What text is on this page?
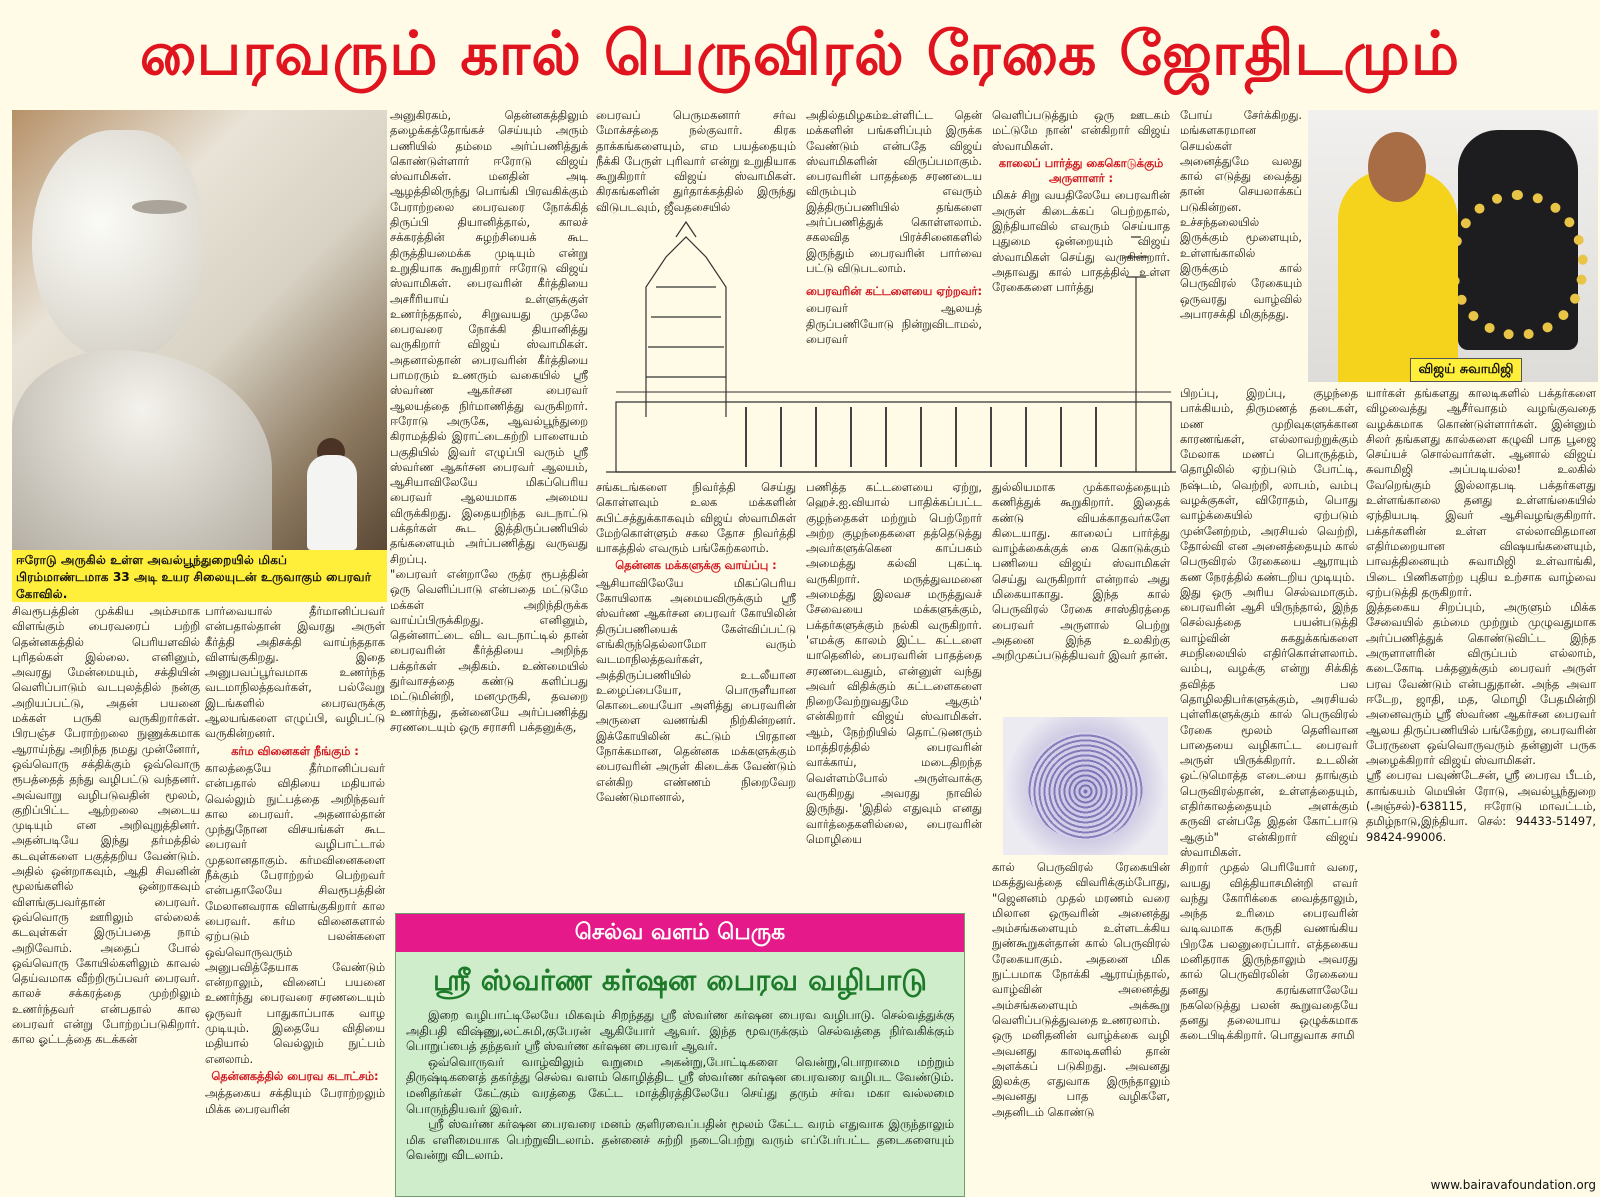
பைரவரும் கால் பெருவிரல் ரேகை ஜோதிடமும்
ஈரோடு அருகில் உள்ள அவல்பூந்துறையில் மிகப் பிரம்மாண்டமாக 33 அடி உயர சிலையுடன் உருவாகும் பைரவர் கோவில்.

சிவரூபத்தின் முக்கிய அம்சமாக விளங்கும் பைரவரைப் பற்றி தென்னகத்தில் பெரியளவில் புரிதல்கள் இல்லை. எனினும், அவரது மேன்மையும், சக்தியின் வெளிப்பாடும் வடபுலத்தில் நன்கு அறியப்பட்டு, அதன் பயனை மக்கள் பருகி வருகிறார்கள். பிரபஞ்ச பேராற்றலை நுணுக்கமாக ஆராய்ந்து அறிந்த நமது முன்னோர், ஒவ்வொரு சக்திக்கும் ஒவ்வொரு ரூபத்தைத் தந்து வழிபட்டு வந்தனர். அவ்வாறு வழிபடுவதின் மூலம், குறிப்பிட்ட ஆற்றலை அடைய முடியும் என அறிவுறுத்தினர். அதன்படியே இந்து தர்மத்தில் கடவுள்களை பகுத்தறிய வேண்டும். அதில் ஒன்றாகவும், ஆதி சிவனின் மூலங்களில் ஒன்றாகவும் விளங்குபவர்தான் பைரவர். ஒவ்வொரு ஊரிலும் எல்லைக் கடவுள்கள் இருப்பதை நாம் அறிவோம். அதைப் போல் ஒவ்வொரு கோயில்களிலும் காவல் தெய்வமாக வீற்றிருப்பவர் பைரவர். காலச் சக்கரத்தை முற்றிலும் உணர்ந்தவர் என்பதால் கால பைரவர் என்று போற்றப்படுகிறார். கால ஓட்டத்தை கடக்கன்

பார்வையால் தீர்மானிப்பவர் என்பதால்தான் இவரது அருள் கீர்த்தி அதிசக்தி வாய்ந்ததாக விளங்குகிறது. இதை அனுபவப்பூர்வமாக உணர்ந்த வடமாநிலத்தவர்கள், பல்வேறு இடங்களில் பைரவருக்கு ஆலயங்களை எழுப்பி, வழிபட்டு வருகின்றனர்.

கர்ம வினைகள் நீங்கும் :

காலத்தையே தீர்மானிப்பவர் என்பதால் விதியை மதியால் வெல்லும் நுட்பத்தை அறிந்தவர் கால பைரவர். அதனால்தான் முந்துநோன விசயங்கள் கூட பைரவர் வழிபாட்டால் முதலானதாகும். கர்மவினைகளை நீக்கும் பேராற்றல் பெற்றவர் என்பதாலேயே சிவரூபத்தின் மேலானவராக விளங்குகிறார் கால பைரவர். கர்ம வினைகளால் ஏற்படும் பலன்களை ஒவ்வொருவரும் அனுபவித்தேயாக வேண்டும் என்றாலும், வினைப் பயனை உணர்ந்து பைரவரை சரணடையும் ஒருவர் பாதுகாப்பாக வாழ முடியும். இதையே விதியை மதியால் வெல்லும் நுட்பம் எனலாம்.

தென்னகத்தில் பைரவ கடாட்சம்:

அத்தகைய சக்தியும் பேராற்றலும் மிக்க பைரவரின்

அனுகிரகம், தென்னகத்திலும் தழைக்கத்தோங்கச் செய்யும் அரும் பணியில் தம்மை அர்ப்பணித்துக் கொண்டுள்ளார் ஈரோடு விஜய் ஸ்வாமிகள். மனதின் அடி ஆழத்திலிருந்து பொங்கி பிரவகிக்கும் பேராற்றலை பைரவரை நோக்கித் திருப்பி தியானித்தால், காலச் சக்கரத்தின் சுழற்சியைக் கூட திருத்தியமைக்க முடியும் என்று உறுதியாக கூறுகிறார் ஈரோடு விஜய் ஸ்வாமிகள். பைரவரின் கீர்த்தியை அசரீரியாய் உள்ளுக்குள் உணர்ந்ததால், சிறுவயது முதலே பைரவரை நோக்கி தியானித்து வருகிறார் விஜய் ஸ்வாமிகள். அதனால்தான் பைரவரின் கீர்த்தியை பாமரரும் உணரும் வகையில் ஸ்ரீ ஸ்வர்ண ஆகர்சன பைரவர் ஆலயத்தை நிர்மாணித்து வருகிறார். ஈரோடு அருகே, ஆவல்பூந்துறை கிராமத்தில் இராட்டைகற்றி பாளையம் பகுதியில் இவர் எழுப்பி வரும் ஸ்ரீ ஸ்வர்ண ஆகர்சன பைரவர் ஆலயம், ஆசியாவிலேயே மிகப்பெரிய பைரவர் ஆலயமாக அமைய விருக்கிறது. இதையறிந்த வடநாட்டு பக்தர்கள் கூட இத்திருப்பணியில் தங்களையும் அர்ப்பணித்து வருவது சிறப்பு.

"பைரவர் என்றாலே ருத்ர ரூபத்தின் ஒரு வெளிப்பாடு என்பதை மட்டுமே மக்கள் அறிந்திருக்க வாய்ப்பிருக்கிறது. எனினும், தென்னாட்டை விட வடநாட்டில் தான் பைரவரின் கீர்த்தியை அறிந்த பக்தர்கள் அதிகம். உண்மையில் துர்வாசத்தை கண்டு களிப்பது மட்டுமின்றி, மனமுருகி, தவறை உணர்ந்து, தன்னையே அர்ப்பணித்து சரணடையும் ஒரு சராசரி பக்தனுக்கு,

பைரவப் பெருமகனார் சர்வ மோக்சத்தை நல்குவார். கிரக தாக்கங்களையும், எம பயத்தையும் நீக்கி பேருள் புரிவார் என்று உறுதியாக கூறுகிறார் விஜய் ஸ்வாமிகள். கிரகங்களின் துர்தாக்கத்தில் இருந்து விடுபடவும், ஜீவதசையில்

அதில்தமிழகம்உள்ளிட்ட தென் மக்களின் பங்களிப்பும் இருக்க வேண்டும் என்பதே விஜய் ஸ்வாமிகளின் விருப்பமாகும். பைரவரின் பாதத்தை சரணடைய விரும்பும் எவரும் இத்திருப்பணியில் தங்களை அர்ப்பணித்துக் கொள்ளலாம். சகலவித பிரச்சினைகளில் இருந்தும் பைரவரின் பார்வை பட்டு விடுபடலாம்.

சங்கடங்களை நிவர்த்தி செய்து கொள்ளவும் உலக மக்களின் சுபிட்சத்துக்காகவும் விஜய் ஸ்வாமிகள் மேற்கொள்ளும் சகல தோச நிவர்த்தி யாகத்தில் எவரும் பங்கேற்கலாம்.

தென்னக மக்களுக்கு வாய்ப்பு :

ஆசியாவிலேயே மிகப்பெரிய கோயிலாக அமையவிருக்கும் ஸ்ரீ ஸ்வர்ண ஆகர்சன பைரவர் கோயிலின் திருப்பணியைக் கேள்விப்பட்டு எங்கிருந்தெல்லாமோ வரும் வடமாநிலத்தவர்கள், அத்திருப்பணியில் உடலீயான உழைப்பையோ, பொருளீயான கொடையையோ அளித்து பைரவரின் அருளை வணங்கி நிற்கின்றனர். இக்கோயிலின் கட்டும் பிரதான நோக்கமான, தென்னக மக்களுக்கும் பைரவரின் அருள் கிடைக்க வேண்டும் என்கிற எண்ணம் நிறைவேற வேண்டுமானால்,

பணித்த கட்டளையை ஏற்று, ஹெச்.ஐ.வியால் பாதிக்கப்பட்ட குழந்தைகள் மற்றும் பெற்றோர் அற்ற குழந்தைகளை தத்தெடுத்து அவர்களுக்கென காப்பகம் அமைத்து கல்வி புகட்டி வருகிறார். மருத்துவமனை அமைத்து இலவச மருத்துவச் சேவையை மக்களுக்கும், பக்தர்களுக்கும் நல்கி வருகிறார். 'எமக்கு காலம் இட்ட கட்டளை யாதெனில், பைரவரின் பாதத்தை சரணடைவதும், என்னுள் வந்து அவர் விதிக்கும் கட்டளைகளை நிறைவேற்றுவதுமே ஆகும்' என்கிறார் விஜய் ஸ்வாமிகள். ஆம், நேற்றியில் தொட்டுணரும் மாத்திரத்தில் பைரவரின் வாக்காய், மடைதிறந்த வெள்ளம்போல் அருள்வாக்கு வருகிறது அவரது நாவில் இருந்து. 'இதில் எதுவும் எனது வார்த்தைகளில்லை, பைரவரின் மொழியை

பைரவரின் கட்டளையை ஏற்றவர்:

பைரவர் ஆலயத் திருப்பணியோடு நின்றுவிடாமல், பைரவர்

வெளிப்படுத்தும் ஒரு ஊடகம் மட்டுமே நான்' என்கிறார் விஜய் ஸ்வாமிகள்.

காலைப் பார்த்து கைகொடுக்கும் அருளாளர் :

மிகச் சிறு வயதிலேயே பைரவரின் அருள் கிடைக்கப் பெற்றதால், இந்தியாவில் எவரும் செய்யாத புதுமை ஒன்றையும் விஜய் ஸ்வாமிகள் செய்து வருகின்றார். அதாவது கால் பாதத்தில் உள்ள ரேகைகளை பார்த்து

துல்லியமாக முக்காலத்தையும் கணித்துக் கூறுகிறார். இதைக் கண்டு வியக்காதவர்களே கிடையாது. காலைப் பார்த்து வாழ்க்கைக்குக் கை கொடுக்கும் பணியை விஜய் ஸ்வாமிகள் செய்து வருகிறார் என்றால் அது மிகையாகாது. இந்த கால் பெருவிரல் ரேகை சாஸ்திரத்தை பைரவர் அருளால் பெற்று அதனை இந்த உலகிற்கு அறிமுகப்படுத்தியவர் இவர் தான்.

கால் பெருவிரல் ரேகையின் மகத்துவத்தை விவரிக்கும்போது, "ஜெனனம் முதல் மரணம் வரை மிலான ஒருவரின் அனைத்து அம்சங்களையும் உள்ளடக்கிய நுண்கூறுகள்தான் கால் பெருவிரல் ரேகையாகும். அதனை மிக நுட்பமாக நோக்கி ஆராய்ந்தால், வாழ்வின் அனைத்து அம்சங்களையும் அக்கூறு வெளிப்படுத்துவதை உணரலாம்.

ஒரு மனிதனின் வாழ்க்கை வழி அவனது காலடிகளில் தான் அளக்கப் படுகிறது. அவனது இலக்கு எதுவாக இருந்தாலும் அவனது பாத வழிகளே, அதனிடம் கொண்டு

போய் சேர்க்கிறது. மங்களகரமான செயல்கள் அனைத்துமே வலது கால் எடுத்து வைத்து தான் செயலாக்கப் படுகின்றன. உச்சந்தலையில் இருக்கும் மூளையும், உள்ளங்காலில் இருக்கும் கால் பெருவிரல் ரேகையும் ஒருவரது வாழ்வில் அபாரசக்தி மிகுந்தது.

பிறப்பு, இறப்பு, குழந்தை பாக்கியம், திருமணத் தடைகள், மண முறிவுகளுக்கான காரணங்கள், எல்லாவற்றுக்கும் மேலாக மணப் பொருத்தம், தொழிலில் ஏற்படும் போட்டி, நஷ்டம், வெற்றி, லாபம், வம்பு வழக்குகள், விரோதம், பொது வாழ்க்கையில் ஏற்படும் முன்னேற்றம், அரசியல் வெற்றி, தோல்வி என அனைத்தையும் கால் பெருவிரல் ரேகையை ஆராயும் கண நேரத்தில் கண்டறிய முடியும்.

இது ஒரு அரிய செல்வமாகும். பைரவரின் ஆசி யிருந்தால், இந்த செல்வத்தை பயன்படுத்தி வாழ்வின் சுகதுக்கங்களை சமநிலையில் எதிர்கொள்ளலாம். வம்பு, வழக்கு என்று சிக்கித் தவித்த பல தொழிலதிபர்களுக்கும், அரசியல் புள்ளிகளுக்கும் கால் பெருவிரல் ரேகை மூலம் தெளிவான பாதையை வழிகாட்ட பைரவர் அருள் யிருக்கிறார். உடலின் ஒட்டுமொத்த எடையை தாங்கும் பெருவிரல்தான், உள்ளத்தையும், எதிர்காலத்தையும் அளக்கும் கருவி என்பதே இதன் கோட்பாடு ஆகும்" என்கிறார் விஜய் ஸ்வாமிகள்.

சிறார் முதல் பெரியோர் வரை, வயது வித்தியாசமின்றி எவர் வந்து கோரிக்கை வைத்தாலும், அந்த உரிமை பைரவரின் வடிவமாக கருதி வணங்கிய பிறகே பலனுரைப்பார். எத்தகைய மனிதராக இருந்தாலும் அவரது கால் பெருவிரலின் ரேகையை தனது கரங்களாலேயே நகலெடுத்து பலன் கூறுவதையே தனது தலையாய ஒழுக்கமாக கடைபிடிக்கிறார். பொதுவாக சாமி

விஜய் சுவாமிஜி

யார்கள் தங்களது காலடிகளில் பக்தர்களை விழவைத்து ஆசீர்வாதம் வழங்குவதை வழக்கமாக கொண்டுள்ளார்கள். இன்னும் சிலர் தங்களது கால்களை கழுவி பாத பூஜை செய்யச் சொல்வார்கள். ஆனால் விஜய் சுவாமிஜி அப்படியல்ல! உலகில் வேறெங்கும் இல்லாதபடி பக்தர்களது உள்ளங்காலை தனது உள்ளங்கையில் ஏந்தியபடி இவர் ஆசிவழங்குகிறார். பக்தர்களின் உள்ள எல்லாவிதமான எதிர்மறையான விஷயங்களையும், பாவத்தினையும் சுவாமிஜி உள்வாங்கி, பிடை பிணிகளற்ற புதிய உற்சாக வாழ்வை ஏற்படுத்தி தருகிறார்.

இத்தகைய சிறப்பும், அருளும் மிக்க சேவையில் தம்மை முற்றும் முழுவதுமாக அர்ப்பணித்துக் கொண்டுவிட்ட இந்த அருளாளரின் விருப்பம் எல்லாம், கடைகோடி பக்தனுக்கும் பைரவர் அருள் பரவ வேண்டும் என்பதுதான். அந்த அவா ஈடேற, ஜாதி, மத, மொழி பேதமின்றி அனைவரும் ஸ்ரீ ஸ்வர்ண ஆகர்சன பைரவர் ஆலய திருப்பணியில் பங்கேற்று, பைரவரின் பேரருளை ஒவ்வொருவரும் தன்னுள் பருக அழைக்கிறார் விஜய் ஸ்வாமிகள்.

ஸ்ரீ பைரவ பவுண்டேசன், ஸ்ரீ பைரவ பீடம், காங்கயம் மெயின் ரோடு, அவல்பூந்துறை (அஞ்சல்)-638115, ஈரோடு மாவட்டம், தமிழ்நாடு,இந்தியா. செல்: 94433-51497, 98424-99006.

www.bairavafoundation.org
செல்வ வளம் பெருக
ஸ்ரீ ஸ்வர்ண கர்ஷன பைரவ வழிபாடு

இறை வழிபாட்டிலேயே மிகவும் சிறந்தது ஸ்ரீ ஸ்வர்ண கர்ஷன பைரவ வழிபாடு. செல்வத்துக்கு அதிபதி விஷ்ணு,லட்சுமி,குபேரன் ஆகியோர் ஆவர். இந்த மூவருக்கும் செல்வத்தை நிர்வகிக்கும் பொறுப்பைத் தந்தவர் ஸ்ரீ ஸ்வர்ண கர்ஷன பைரவர் ஆவர்.

ஒவ்வொருவர் வாழ்விலும் வறுமை அகன்று,போட்டிகளை வென்று,பொறாமை மற்றும் திருஷ்டிகளைத் தகர்த்து செல்வ வளம் கொழித்திட ஸ்ரீ ஸ்வர்ண கர்ஷன பைரவரை வழிபட வேண்டும். மனிதர்கள் கேட்கும் வரத்தை கேட்ட மாத்திரத்திலேயே செய்து தரும் சர்வ மகா வல்லமை பொருந்தியவர் இவர்.

ஸ்ரீ ஸ்வர்ண கர்ஷன பைரவரை மனம் குளிரவைப்பதின் மூலம் கேட்ட வரம் எதுவாக இருந்தாலும் மிக எளிமையாக பெற்றுவிடலாம். தன்னைச் சுற்றி நடைபெற்று வரும் எப்பேர்பட்ட தடைகளையும் வென்று விடலாம்.
